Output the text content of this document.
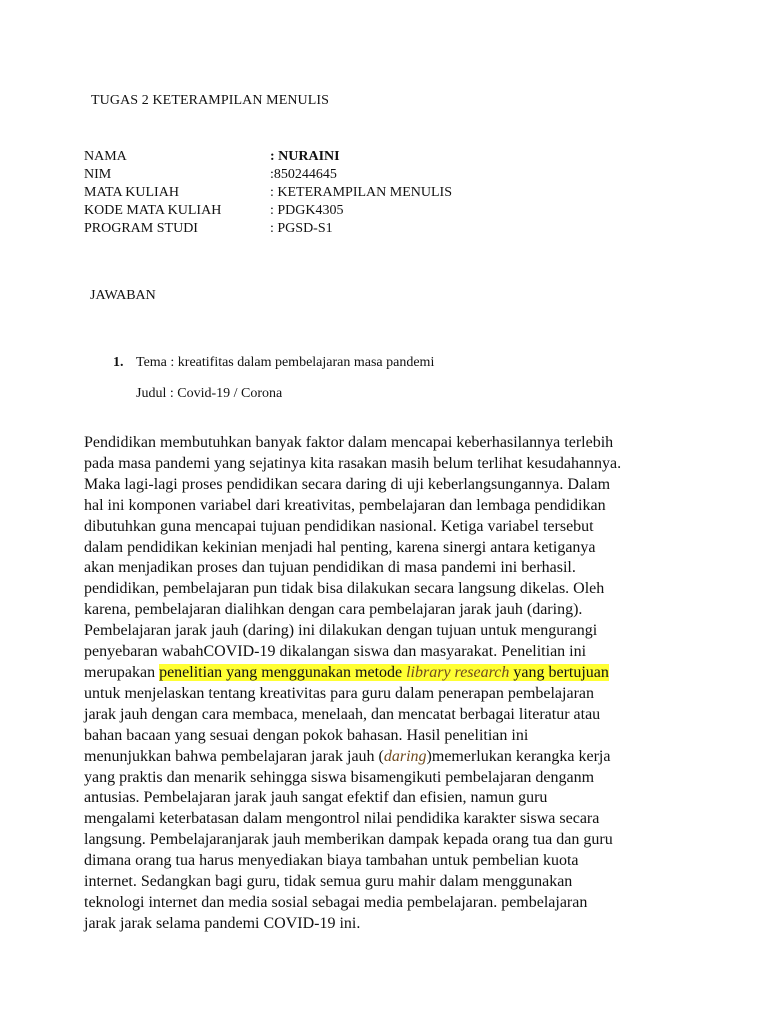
TUGAS 2 KETERAMPILAN MENULIS
NAMA	: NURAINI
NIM	:850244645
MATA KULIAH	: KETERAMPILAN MENULIS
KODE MATA KULIAH	: PDGK4305
PROGRAM STUDI	: PGSD-S1
JAWABAN
1. Tema : kreatifitas dalam pembelajaran masa pandemi
Judul : Covid-19 / Corona
Pendidikan membutuhkan banyak faktor dalam mencapai keberhasilannya terlebih
pada masa pandemi yang sejatinya kita rasakan masih belum terlihat kesudahannya.
Maka lagi-lagi proses pendidikan secara daring di uji keberlangsungannya. Dalam
hal ini komponen variabel dari kreativitas, pembelajaran dan lembaga pendidikan
dibutuhkan guna mencapai tujuan pendidikan nasional. Ketiga variabel tersebut
dalam pendidikan kekinian menjadi hal penting, karena sinergi antara ketiganya
akan menjadikan proses dan tujuan pendidikan di masa pandemi ini berhasil.
pendidikan, pembelajaran pun tidak bisa dilakukan secara langsung dikelas. Oleh
karena, pembelajaran dialihkan dengan cara pembelajaran jarak jauh (daring).
Pembelajaran jarak jauh (daring) ini dilakukan dengan tujuan untuk mengurangi
penyebaran wabahCOVID-19 dikalangan siswa dan masyarakat. Penelitian ini
merupakan penelitian yang menggunakan metode library research yang bertujuan
untuk menjelaskan tentang kreativitas para guru dalam penerapan pembelajaran
jarak jauh dengan cara membaca, menelaah, dan mencatat berbagai literatur atau
bahan bacaan yang sesuai dengan pokok bahasan. Hasil penelitian ini
menunjukkan bahwa pembelajaran jarak jauh (daring)memerlukan kerangka kerja
yang praktis dan menarik sehingga siswa bisamengikuti pembelajaran denganm
antusias. Pembelajaran jarak jauh sangat efektif dan efisien, namun guru
mengalami keterbatasan dalam mengontrol nilai pendidika karakter siswa secara
langsung. Pembelajaranjarak jauh memberikan dampak kepada orang tua dan guru
dimana orang tua harus menyediakan biaya tambahan untuk pembelian kuota
internet. Sedangkan bagi guru, tidak semua guru mahir dalam menggunakan
teknologi internet dan media sosial sebagai media pembelajaran. pembelajaran
jarak jarak selama pandemi COVID-19 ini.
